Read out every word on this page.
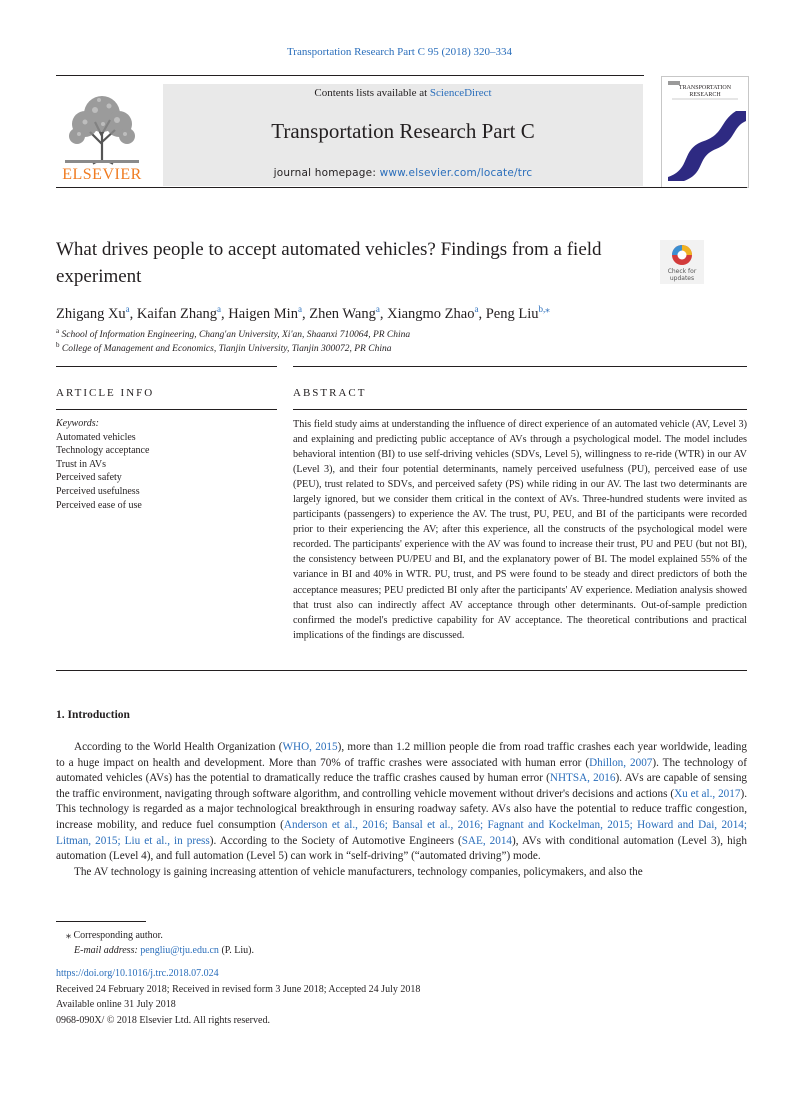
Transportation Research Part C 95 (2018) 320–334
ELSEVIER
Contents lists available at ScienceDirect
Transportation Research Part C
journal homepage: www.elsevier.com/locate/trc
TRANSPORTATION
RESEARCH
What drives people to accept automated vehicles? Findings from a field experiment	Check for
updates
Zhigang Xu$^a$, Kaifan Zhang$^a$, Haigen Min$^a$, Zhen Wang$^a$, Xiangmo Zhao$^a$, Peng Liu$^{b,⁎}$
$^a$ School of Information Engineering, Chang'an University, Xi'an, Shaanxi 710064, PR China
$^b$ College of Management and Economics, Tianjin University, Tianjin 300072, PR China
ARTICLE INFO	ABSTRACT
Keywords:
Automated vehicles
Technology acceptance
Trust in AVs
Perceived safety
Perceived usefulness
Perceived ease of use
This field study aims at understanding the influence of direct experience of an automated vehicle (AV, Level 3) and explaining and predicting public acceptance of AVs through a psychological model. The model includes behavioral intention (BI) to use self-driving vehicles (SDVs, Level 5), willingness to re-ride (WTR) in our AV (Level 3), and their four potential determinants, namely perceived usefulness (PU), perceived ease of use (PEU), trust related to SDVs, and perceived safety (PS) while riding in our AV. The last two determinants are largely ignored, but we consider them critical in the context of AVs. Three-hundred students were invited as participants (passengers) to experience the AV. The trust, PU, PEU, and BI of the participants were recorded prior to their experiencing the AV; after this experience, all the constructs of the psychological model were recorded. The participants' experience with the AV was found to increase their trust, PU and PEU (but not BI), the consistency between PU/PEU and BI, and the explanatory power of BI. The model explained 55% of the variance in BI and 40% in WTR. PU, trust, and PS were found to be steady and direct predictors of both the acceptance measures; PEU predicted BI only after the participants' AV experience. Mediation analysis showed that trust also can indirectly affect AV acceptance through other determinants. Out-of-sample prediction confirmed the model's predictive capability for AV acceptance. The theoretical contributions and practical implications of the findings are discussed.
1. Introduction

According to the World Health Organization (WHO, 2015), more than 1.2 million people die from road traffic crashes each year worldwide, leading to a huge impact on health and development. More than 70% of traffic crashes were associated with human error (Dhillon, 2007). The technology of automated vehicles (AVs) has the potential to dramatically reduce the traffic crashes caused by human error (NHTSA, 2016). AVs are capable of sensing the traffic environment, navigating through software algorithm, and controlling vehicle movement without driver's decisions and actions (Xu et al., 2017). This technology is regarded as a major technological breakthrough in ensuring roadway safety. AVs also have the potential to reduce traffic congestion, increase mobility, and reduce fuel consumption (Anderson et al., 2016; Bansal et al., 2016; Fagnant and Kockelman, 2015; Howard and Dai, 2014; Litman, 2015; Liu et al., in press). According to the Society of Automotive Engineers (SAE, 2014), AVs with conditional automation (Level 3), high automation (Level 4), and full automation (Level 5) can work in “self-driving” (“automated driving”) mode.

The AV technology is gaining increasing attention of vehicle manufacturers, technology companies, policymakers, and also the

⁎ Corresponding author.
E-mail address: pengliu@tju.edu.cn (P. Liu).
https://doi.org/10.1016/j.trc.2018.07.024
Received 24 February 2018; Received in revised form 3 June 2018; Accepted 24 July 2018
Available online 31 July 2018
0968-090X/ © 2018 Elsevier Ltd. All rights reserved.
